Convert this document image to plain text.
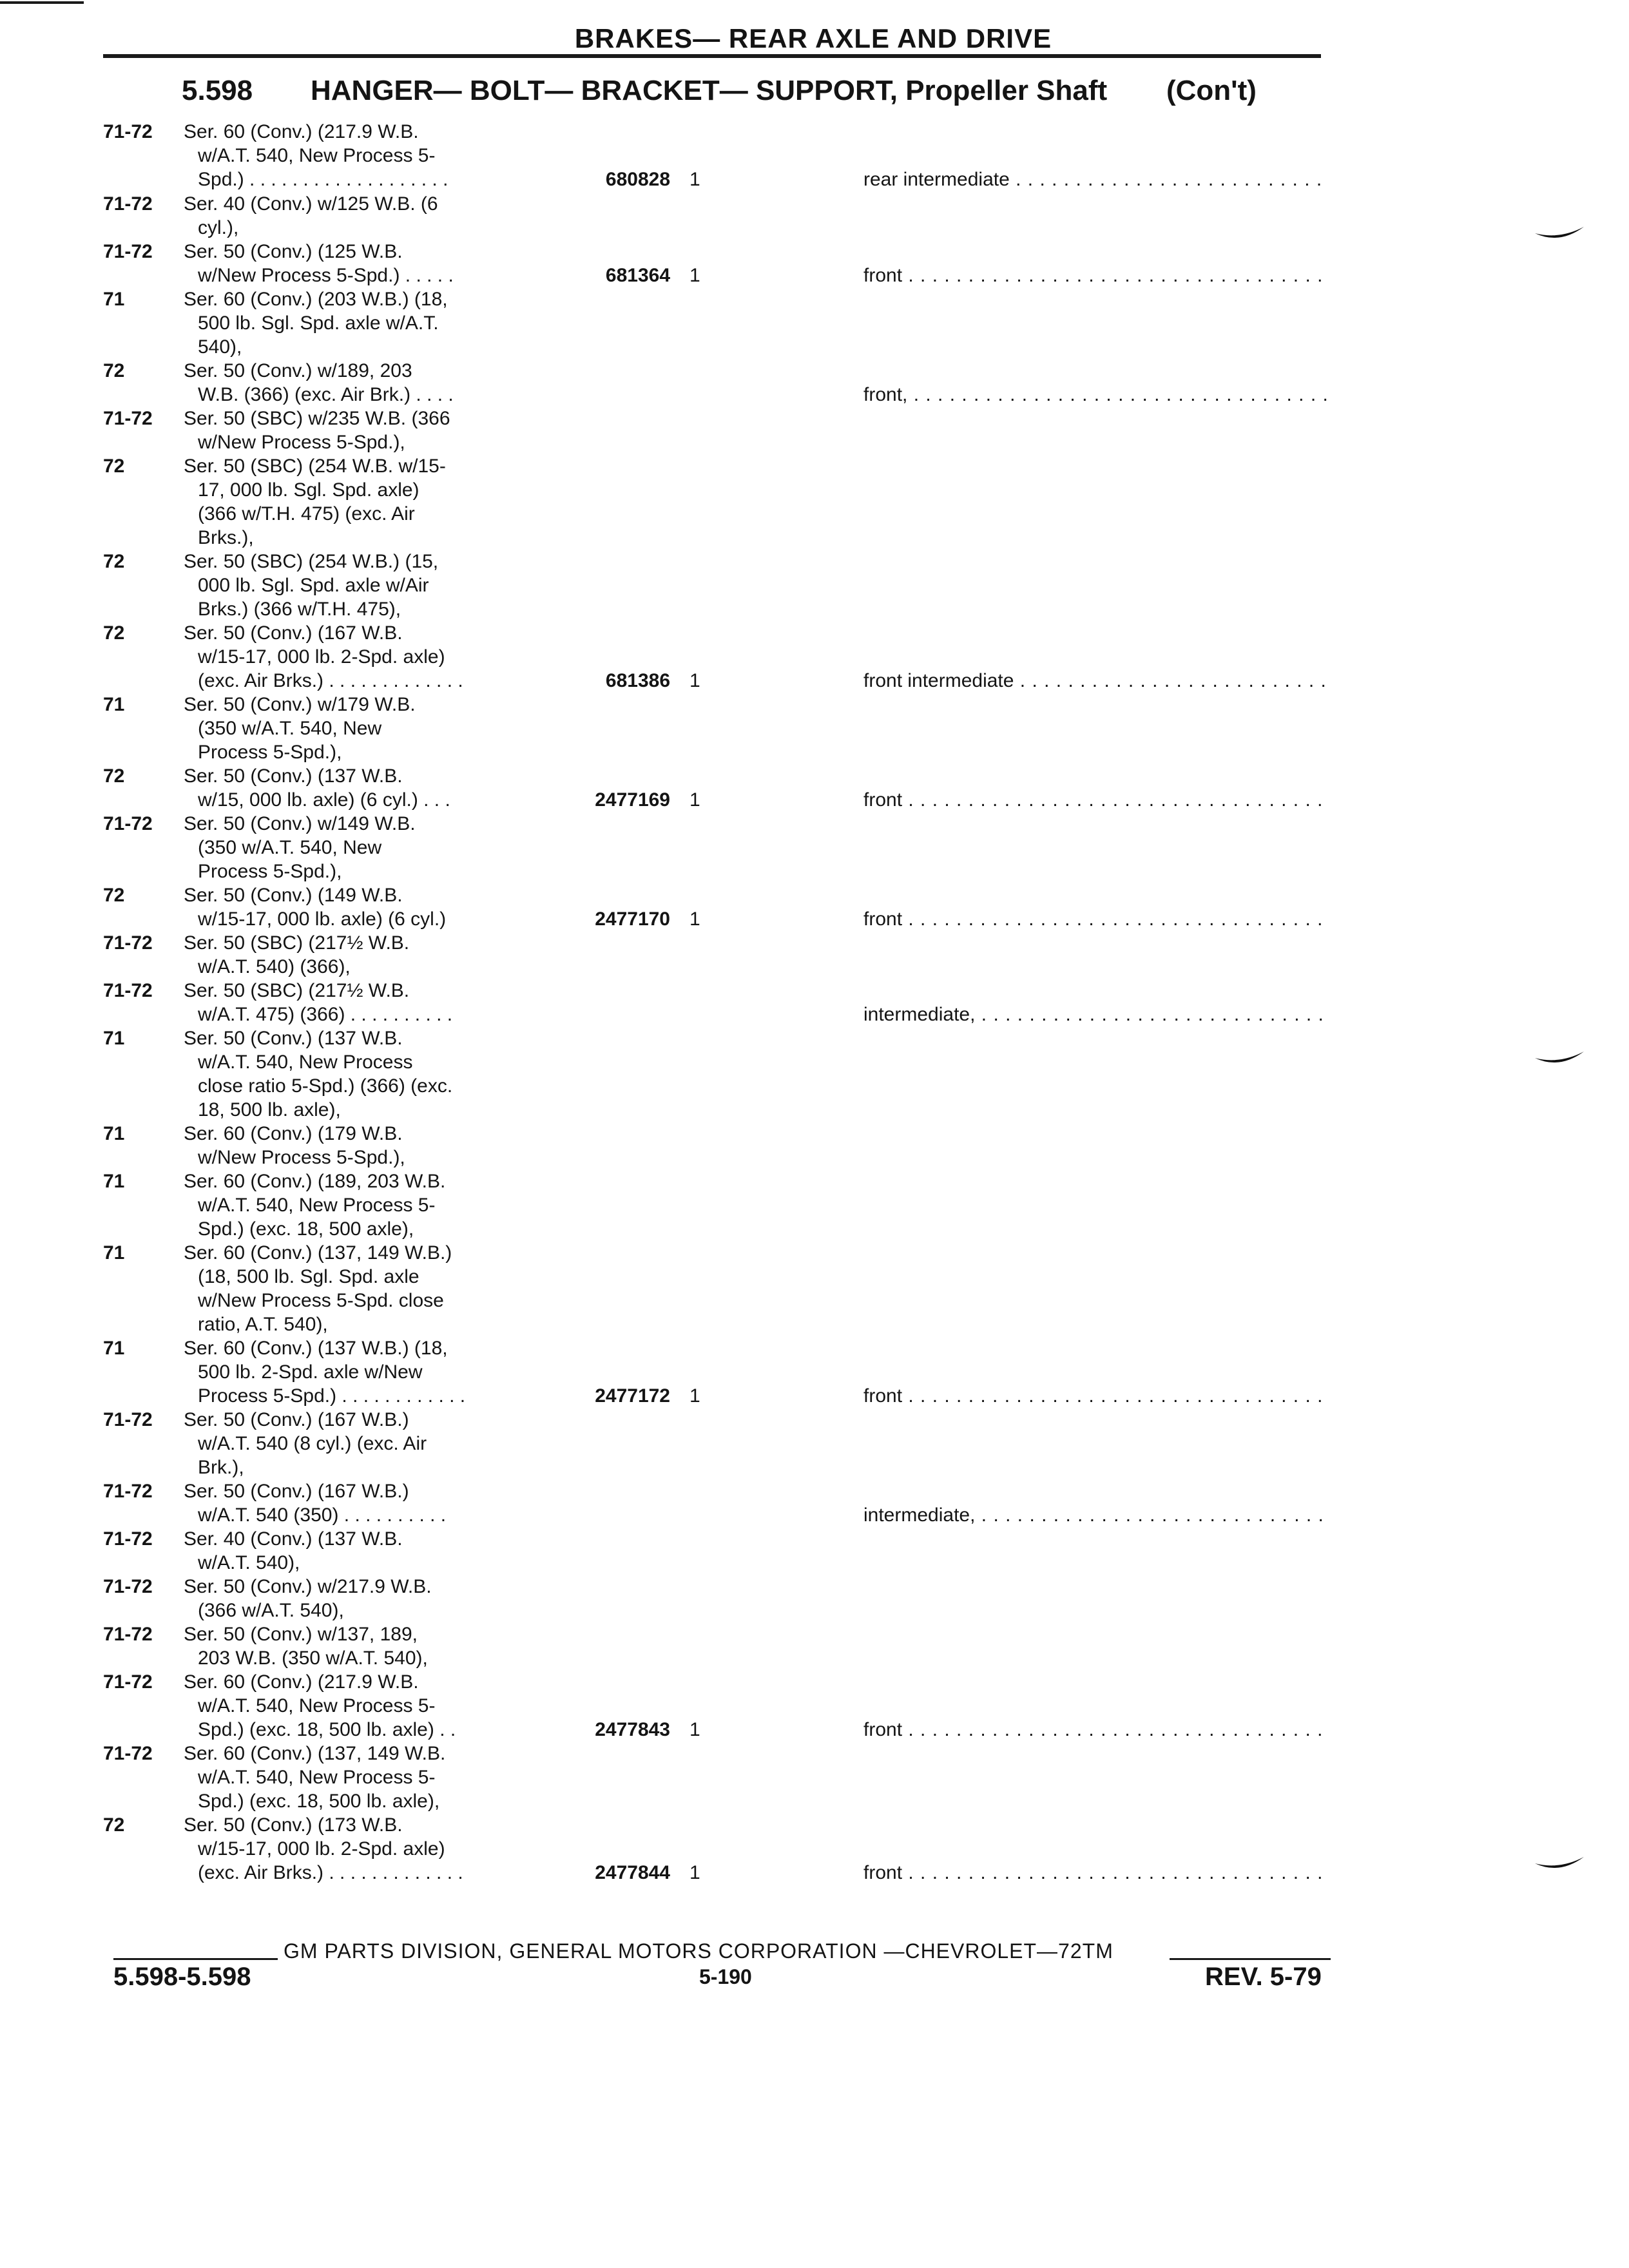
BRAKES— REAR AXLE AND DRIVE
5.598 HANGER— BOLT— BRACKET— SUPPORT, Propeller Shaft (Con't)
71-72	Ser. 60 (Conv.) (217.9 W.B.
w/A.T. 540, New Process 5-
Spd.) . . . . . . . . . . . . . . . . . . .	680828 1	rear intermediate . . .
71-72	Ser. 40 (Conv.) w/125 W.B. (6
cyl.),
71-72	Ser. 50 (Conv.) (125 W.B.
w/New Process 5-Spd.) . . . . .	681364 1	front . . .
71	Ser. 60 (Conv.) (203 W.B.) (18,
500 lb. Sgl. Spd. axle w/A.T.
540),
72	Ser. 50 (Conv.) w/189, 203
W.B. (366) (exc. Air Brk.) . . . .	front, . . .
71-72	Ser. 50 (SBC) w/235 W.B. (366
w/New Process 5-Spd.),
72	Ser. 50 (SBC) (254 W.B. w/15-
17, 000 lb. Sgl. Spd. axle)
(366 w/T.H. 475) (exc. Air
Brks.),
72	Ser. 50 (SBC) (254 W.B.) (15,
000 lb. Sgl. Spd. axle w/Air
Brks.) (366 w/T.H. 475),
72	Ser. 50 (Conv.) (167 W.B.
w/15-17, 000 lb. 2-Spd. axle)
(exc. Air Brks.) . . . . . . . . . . . . .	681386 1	front intermediate . . .
71	Ser. 50 (Conv.) w/179 W.B.
(350 w/A.T. 540, New
Process 5-Spd.),
72	Ser. 50 (Conv.) (137 W.B.
w/15, 000 lb. axle) (6 cyl.) . . .	2477169 1	front . . .
71-72	Ser. 50 (Conv.) w/149 W.B.
(350 w/A.T. 540, New
Process 5-Spd.),
72	Ser. 50 (Conv.) (149 W.B.
w/15-17, 000 lb. axle) (6 cyl.)	2477170 1	front . . .
71-72	Ser. 50 (SBC) (217½ W.B.
w/A.T. 540) (366),
71-72	Ser. 50 (SBC) (217½ W.B.
w/A.T. 475) (366) . . . . . . . . . .	intermediate, . . .
71	Ser. 50 (Conv.) (137 W.B.
w/A.T. 540, New Process
close ratio 5-Spd.) (366) (exc.
18, 500 lb. axle),
71	Ser. 60 (Conv.) (179 W.B.
w/New Process 5-Spd.),
71	Ser. 60 (Conv.) (189, 203 W.B.
w/A.T. 540, New Process 5-
Spd.) (exc. 18, 500 axle),
71	Ser. 60 (Conv.) (137, 149 W.B.)
(18, 500 lb. Sgl. Spd. axle
w/New Process 5-Spd. close
ratio, A.T. 540),
71	Ser. 60 (Conv.) (137 W.B.) (18,
500 lb. 2-Spd. axle w/New
Process 5-Spd.) . . . . . . . . . . . .	2477172 1	front . . .
71-72	Ser. 50 (Conv.) (167 W.B.)
w/A.T. 540 (8 cyl.) (exc. Air
Brk.),
71-72	Ser. 50 (Conv.) (167 W.B.)
w/A.T. 540 (350) . . . . . . . . . .	intermediate, . . .
71-72	Ser. 40 (Conv.) (137 W.B.
w/A.T. 540),
71-72	Ser. 50 (Conv.) w/217.9 W.B.
(366 w/A.T. 540),
71-72	Ser. 50 (Conv.) w/137, 189,
203 W.B. (350 w/A.T. 540),
71-72	Ser. 60 (Conv.) (217.9 W.B.
w/A.T. 540, New Process 5-
Spd.) (exc. 18, 500 lb. axle) . .	2477843 1	front . . .
71-72	Ser. 60 (Conv.) (137, 149 W.B.
w/A.T. 540, New Process 5-
Spd.) (exc. 18, 500 lb. axle),
72	Ser. 50 (Conv.) (173 W.B.
w/15-17, 000 lb. 2-Spd. axle)
(exc. Air Brks.) . . . . . . . . . . . . .	2477844 1	front . . .
GM PARTS DIVISION, GENERAL MOTORS CORPORATION —CHEVROLET—72TM
5.598-5.598	5-190	REV. 5-79
